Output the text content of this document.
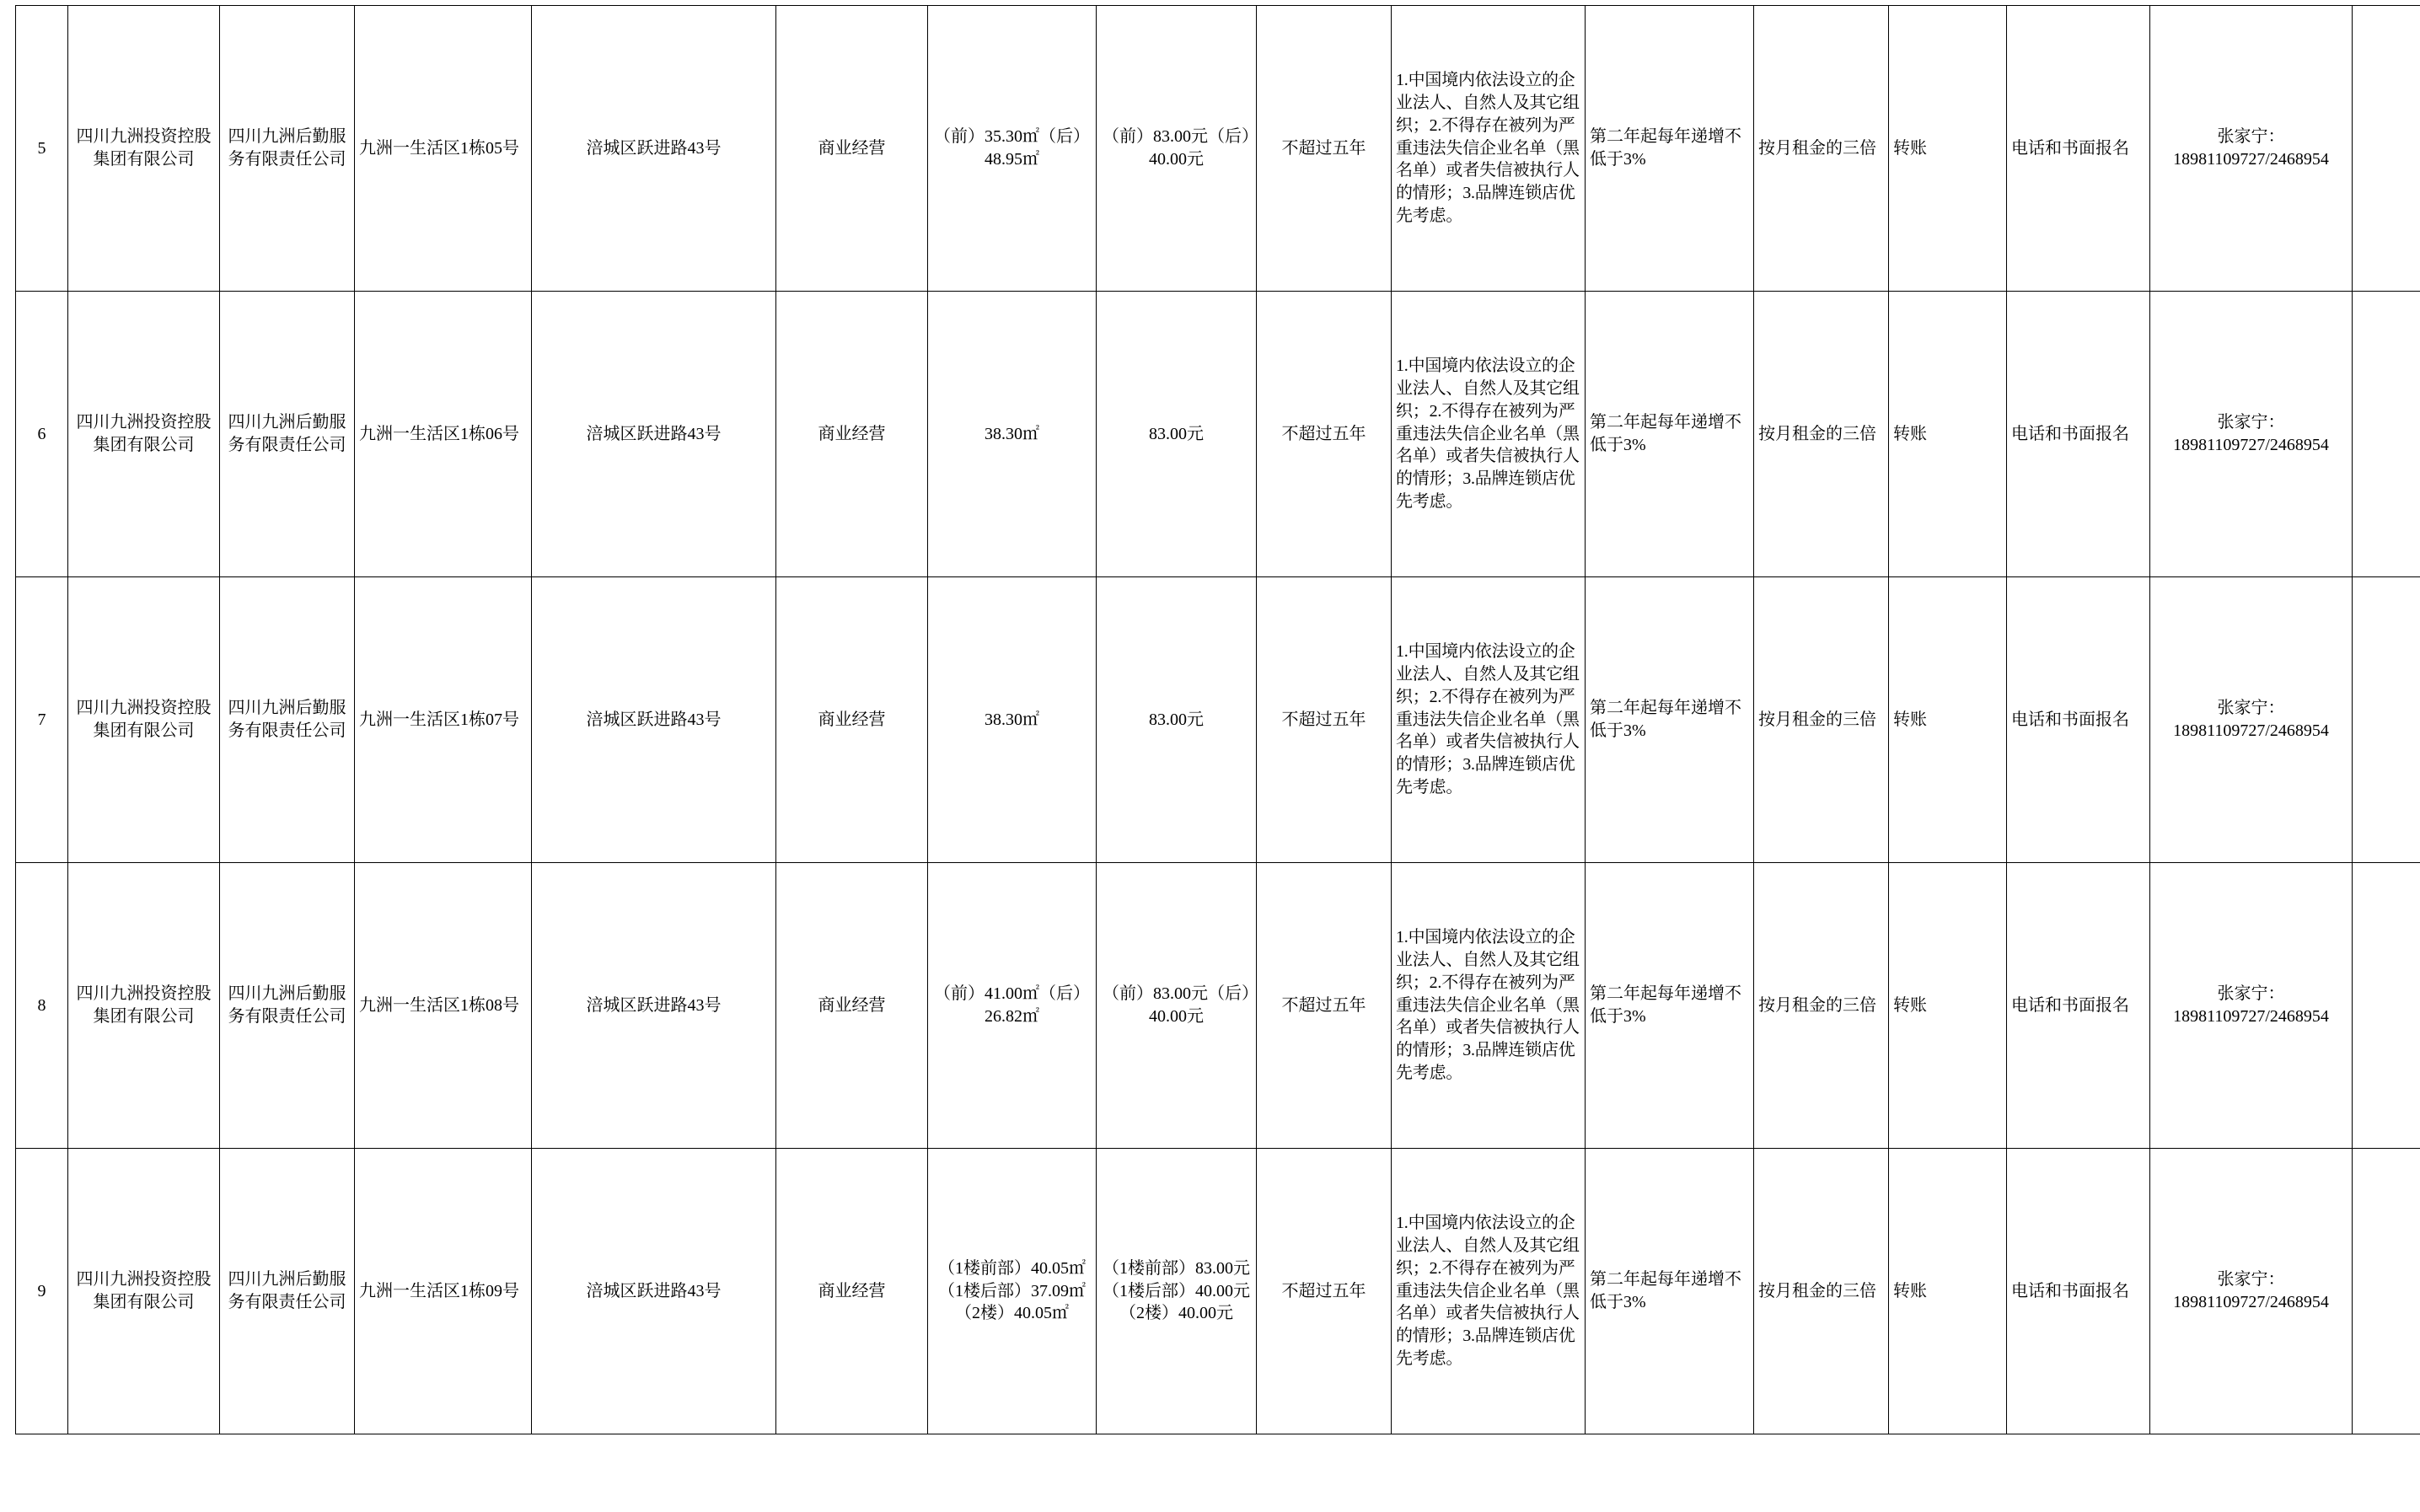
5	四川九洲投资控股集团有限公司	四川九洲后勤服务有限责任公司	九洲一生活区1栋05号	涪城区跃进路43号	商业经营	（前）35.30㎡（后）48.95㎡	（前）83.00元（后）40.00元	不超过五年	1.中国境内依法设立的企业法人、自然人及其它组织；2.不得存在被列为严重违法失信企业名单（黑名单）或者失信被执行人的情形；3.品牌连锁店优先考虑。	第二年起每年递增不低于3%	按月租金的三倍	转账	电话和书面报名	张家宁：18981109727/2468954	
6	四川九洲投资控股集团有限公司	四川九洲后勤服务有限责任公司	九洲一生活区1栋06号	涪城区跃进路43号	商业经营	38.30㎡	83.00元	不超过五年	1.中国境内依法设立的企业法人、自然人及其它组织；2.不得存在被列为严重违法失信企业名单（黑名单）或者失信被执行人的情形；3.品牌连锁店优先考虑。	第二年起每年递增不低于3%	按月租金的三倍	转账	电话和书面报名	张家宁：18981109727/2468954	
7	四川九洲投资控股集团有限公司	四川九洲后勤服务有限责任公司	九洲一生活区1栋07号	涪城区跃进路43号	商业经营	38.30㎡	83.00元	不超过五年	1.中国境内依法设立的企业法人、自然人及其它组织；2.不得存在被列为严重违法失信企业名单（黑名单）或者失信被执行人的情形；3.品牌连锁店优先考虑。	第二年起每年递增不低于3%	按月租金的三倍	转账	电话和书面报名	张家宁：18981109727/2468954	
8	四川九洲投资控股集团有限公司	四川九洲后勤服务有限责任公司	九洲一生活区1栋08号	涪城区跃进路43号	商业经营	（前）41.00㎡（后）26.82㎡	（前）83.00元（后）40.00元	不超过五年	1.中国境内依法设立的企业法人、自然人及其它组织；2.不得存在被列为严重违法失信企业名单（黑名单）或者失信被执行人的情形；3.品牌连锁店优先考虑。	第二年起每年递增不低于3%	按月租金的三倍	转账	电话和书面报名	张家宁：18981109727/2468954	
9	四川九洲投资控股集团有限公司	四川九洲后勤服务有限责任公司	九洲一生活区1栋09号	涪城区跃进路43号	商业经营	（1楼前部）40.05㎡（1楼后部）37.09㎡（2楼）40.05㎡	（1楼前部）83.00元（1楼后部）40.00元（2楼）40.00元	不超过五年	1.中国境内依法设立的企业法人、自然人及其它组织；2.不得存在被列为严重违法失信企业名单（黑名单）或者失信被执行人的情形；3.品牌连锁店优先考虑。	第二年起每年递增不低于3%	按月租金的三倍	转账	电话和书面报名	张家宁：18981109727/2468954	
